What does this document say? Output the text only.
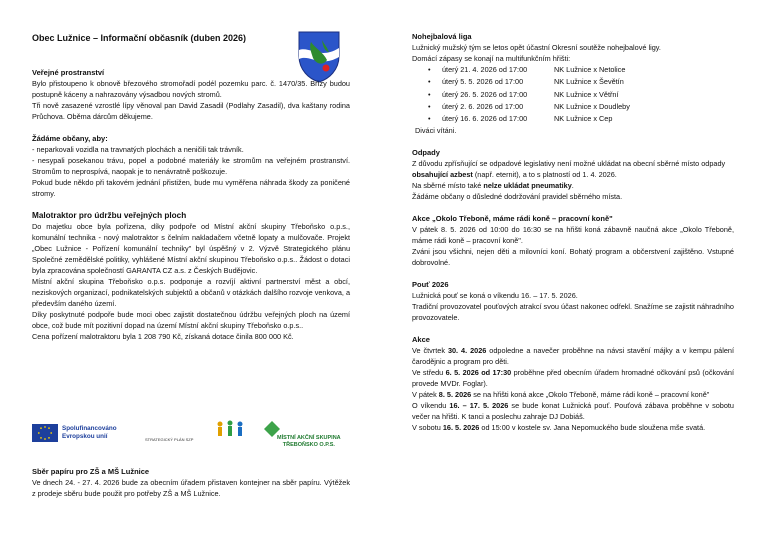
Obec Lužnice – Informační občasník (duben 2026)

Veřejné prostranství

Bylo přistoupeno k obnově březového stromořadí podél pozemku parc. č. 1470/35. Břízy budou postupně káceny a nahrazovány výsadbou nových stromů.

Tři nově zasazené vzrostlé lípy věnoval pan David Zasadil (Podlahy Zasadil), dva kaštany rodina Průchova. Oběma dárcům děkujeme.

Žádáme občany, aby:

- neparkovali vozidla na travnatých plochách a neničili tak trávník.

- nesypali posekanou trávu, popel a podobné materiály ke stromům na veřejném prostranství. Stromům to neprospívá, naopak je to nenávratně poškozuje.

Pokud bude někdo při takovém jednání přistižen, bude mu vyměřena náhrada škody za poničené stromy.

Malotraktor pro údržbu veřejných ploch

Do majetku obce byla pořízena, díky podpoře od Místní akční skupiny Třeboňsko o.p.s., komunální technika - nový malotraktor s čelním nakladačem včetně lopaty a mulčovače. Projekt „Obec Lužnice - Pořízení komunální techniky" byl úspěšný v 2. Výzvě Strategického plánu Společné zemědělské politiky, vyhlášené Místní akční skupinou Třeboňsko o.p.s.. Žádost o dotaci byla zpracována společností GARANTA CZ a.s. z Českých Budějovic.

Místní akční skupina Třeboňsko o.p.s. podporuje a rozvíjí aktivní partnerství měst a obcí, neziskových organizací, podnikatelských subjektů a občanů v otázkách dalšího rozvoje venkova, a především daného území.

Díky poskytnuté podpoře bude moci obec zajistit dostatečnou údržbu veřejných ploch na území obce, což bude mít pozitivní dopad na území Místní akční skupiny Třeboňsko o.p.s..

Cena pořízení malotraktoru byla 1 208 790 Kč, získaná dotace činila 800 000 Kč.

Spolufinancováno
Evropskou unií	STRATEGICKÝ PLÁN SZP	MÍSTNÍ AKČNÍ SKUPINA
TŘEBOŇSKO O.P.S.

Sběr papíru pro ZŠ a MŠ Lužnice

Ve dnech 24. - 27. 4. 2026 bude za obecním úřadem přistaven kontejner na sběr papíru. Výtěžek z prodeje sběru bude použit pro potřeby ZŠ a MŠ Lužnice.

Nohejbalová liga

Lužnický mužský tým se letos opět účastní Okresní soutěže nohejbalové ligy.

Domácí zápasy se konají na multifunkčním hřišti:

• úterý 21. 4. 2026 od 17:00	NK Lužnice x Netolice
• úterý 5. 5. 2026 od 17:00	NK Lužnice x Ševětín
• úterý 26. 5. 2026 od 17:00	NK Lužnice x Větřní
• úterý 2. 6. 2026 od 17:00	NK Lužnice x Doudleby
• úterý 16. 6. 2026 od 17:00	NK Lužnice x Cep

Diváci vítáni.

Odpady

Z důvodu zpřísňující se odpadové legislativy není možné ukládat na obecní sběrné místo odpady obsahující azbest (např. eternit), a to s platností od 1. 4. 2026.

Na sběrné místo také nelze ukládat pneumatiky.

Žádáme občany o důsledné dodržování pravidel sběrného místa.

Akce „Okolo Třeboně, máme rádi koně – pracovní koně"

V pátek 8. 5. 2026 od 10:00 do 16:30 se na hřišti koná zábavně naučná akce „Okolo Třeboně, máme rádi koně – pracovní koně".

Zváni jsou všichni, nejen děti a milovníci koní. Bohatý program a občerstvení zajištěno. Vstupné dobrovolné.

Pouť 2026

Lužnická pouť se koná o víkendu 16. – 17. 5. 2026.

Tradiční provozovatel pouťových atrakcí svou účast nakonec odřekl. Snažíme se zajistit náhradního provozovatele.

Akce

Ve čtvrtek 30. 4. 2026 odpoledne a navečer proběhne na návsi stavění májky a v kempu pálení čarodějnic a program pro děti.

Ve středu 6. 5. 2026 od 17:30 proběhne před obecním úřadem hromadné očkování psů (očkování provede MVDr. Foglar).

V pátek 8. 5. 2026 se na hřišti koná akce „Okolo Třeboně, máme rádi koně – pracovní koně"

O víkendu 16. – 17. 5. 2026 se bude konat Lužnická pouť. Pouťová zábava proběhne v sobotu večer na hřišti. K tanci a poslechu zahraje DJ Dobiáš.

V sobotu 16. 5. 2026 od 15:00 v kostele sv. Jana Nepomuckého bude sloužena mše svatá.
